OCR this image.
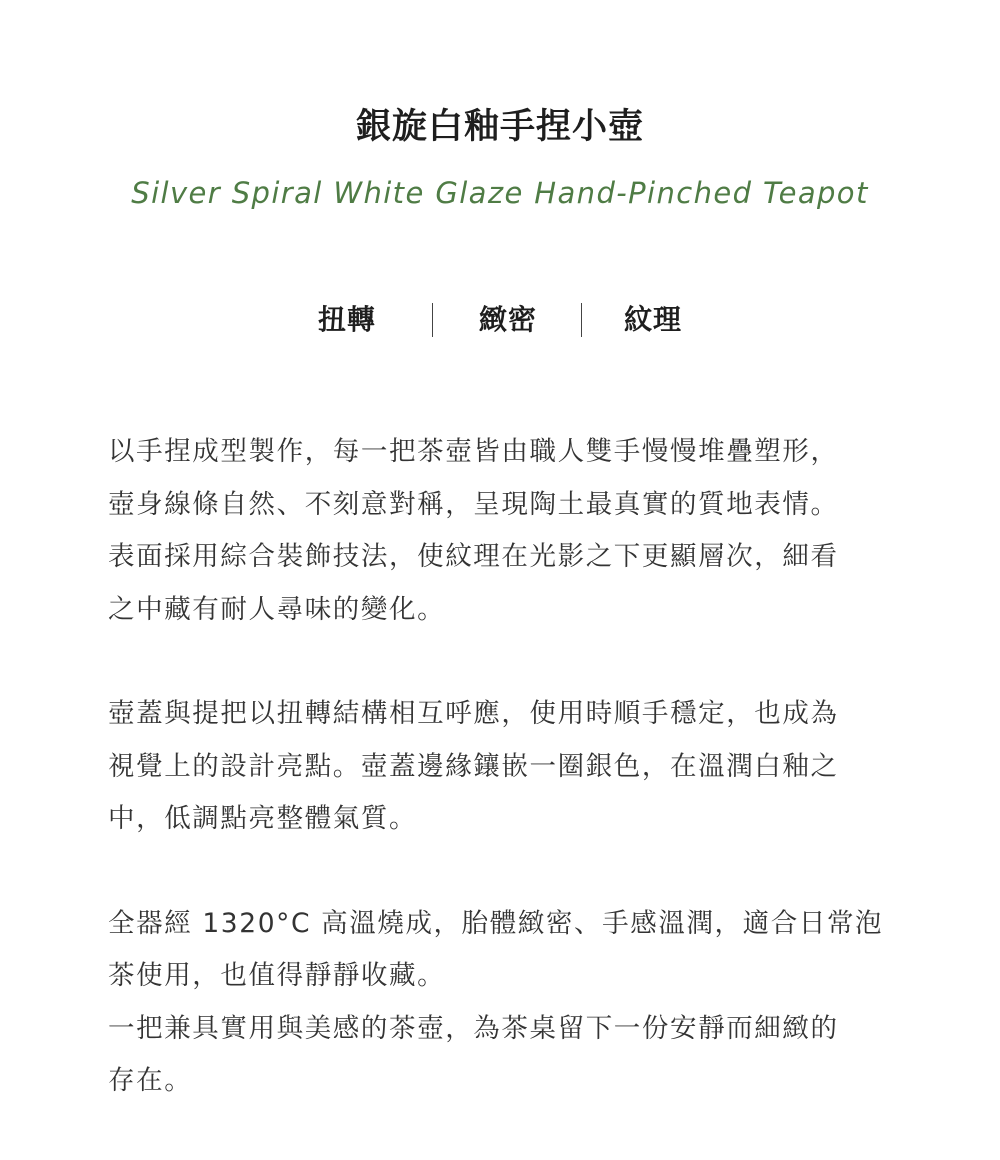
銀旋白釉手捏小壺
Silver Spiral White Glaze Hand-Pinched Teapot
扭轉	緻密	紋理

以手捏成型製作，每一把茶壺皆由職人雙手慢慢堆疊塑形，
壺身線條自然、不刻意對稱，呈現陶土最真實的質地表情。
表面採用綜合裝飾技法，使紋理在光影之下更顯層次，細看
之中藏有耐人尋味的變化。

壺蓋與提把以扭轉結構相互呼應，使用時順手穩定，也成為
視覺上的設計亮點。壺蓋邊緣鑲嵌一圈銀色，在溫潤白釉之
中，低調點亮整體氣質。

全器經 1320°C 高溫燒成，胎體緻密、手感溫潤，適合日常泡
茶使用，也值得靜靜收藏。
一把兼具實用與美感的茶壺，為茶桌留下一份安靜而細緻的
存在。
